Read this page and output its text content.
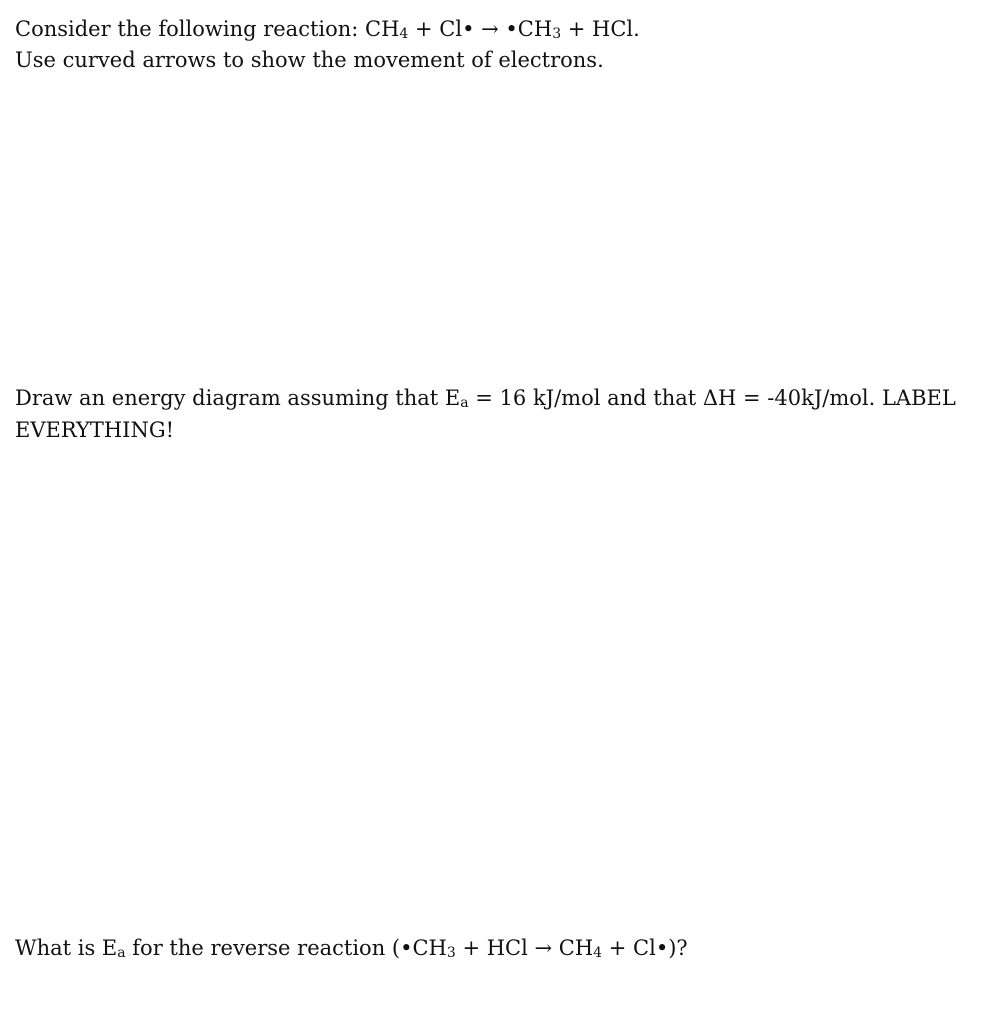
Consider the following reaction: $CH_4$ + Cl• → $•CH_3$ + HCl.
Use curved arrows to show the movement of electrons.
Draw an energy diagram assuming that $E_a = 16$ kJ/mol and that ΔH = -40kJ/mol. LABEL
EVERYTHING!
What is $E_a$ for the reverse reaction ($•CH_3$ + HCl → $CH_4$ + Cl•)?
